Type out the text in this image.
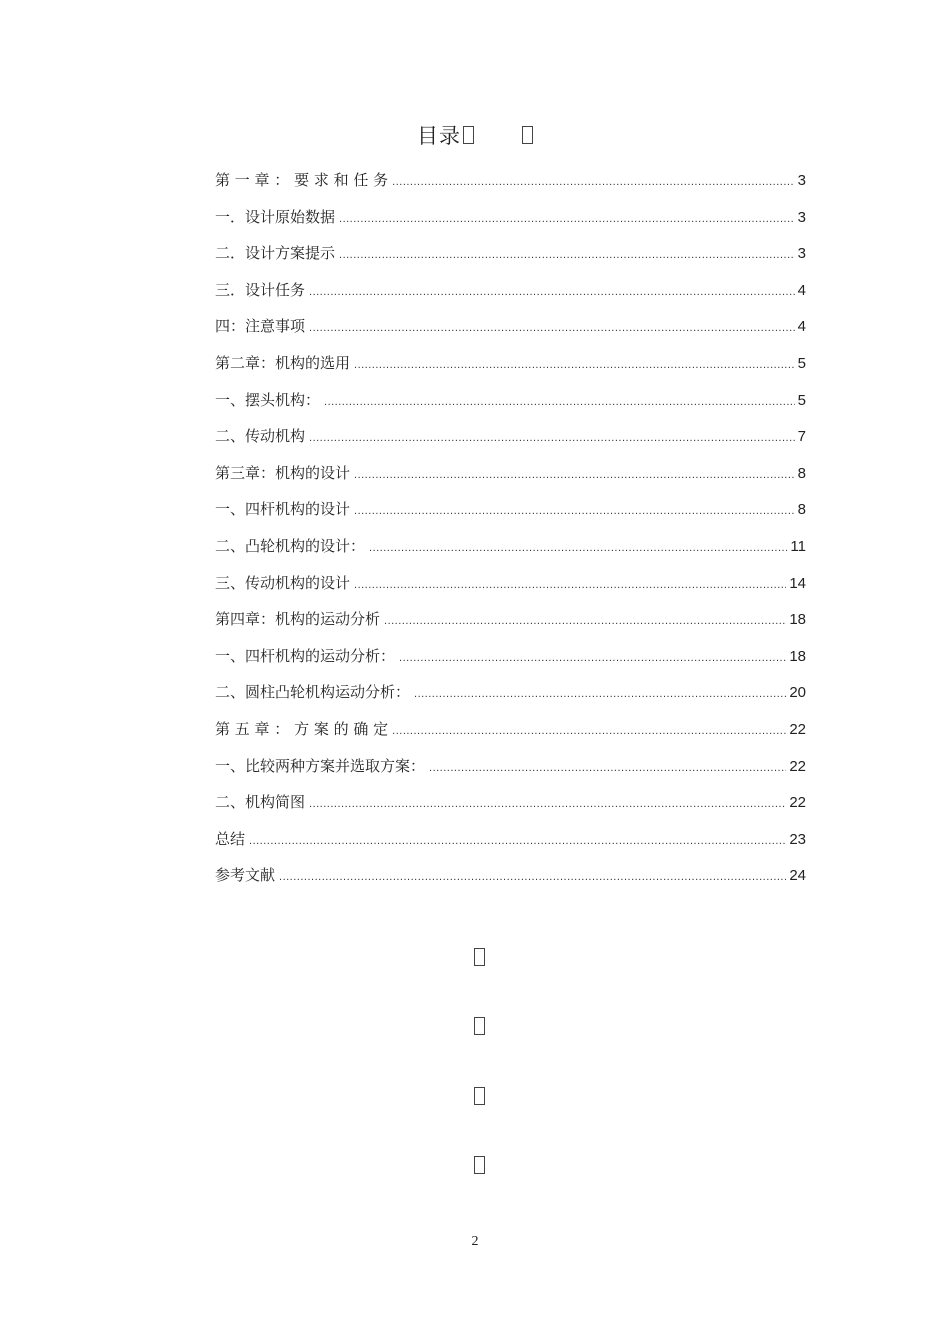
目录
第 一 章 ： 要 求 和 任 务 .....	3
一．设计原始数据 .....	3
二．设计方案提示 .....	3
三．设计任务 .....	4
四：注意事项 .....	4
第二章：机构的选用 .....	5
一、摆头机构： .....	5
二、传动机构 .....	7
第三章：机构的设计 .....	8
一、四杆机构的设计 .....	8
二、凸轮机构的设计： .....	11
三、传动机构的设计 .....	14
第四章：机构的运动分析 .....	18
一、四杆机构的运动分析： .....	18
二、圆柱凸轮机构运动分析： .....	20
第 五 章 ： 方 案 的 确 定 .....	22
一、比较两种方案并选取方案： .....	22
二、机构简图 .....	22
总结 .....	23
参考文献 .....	24
2
